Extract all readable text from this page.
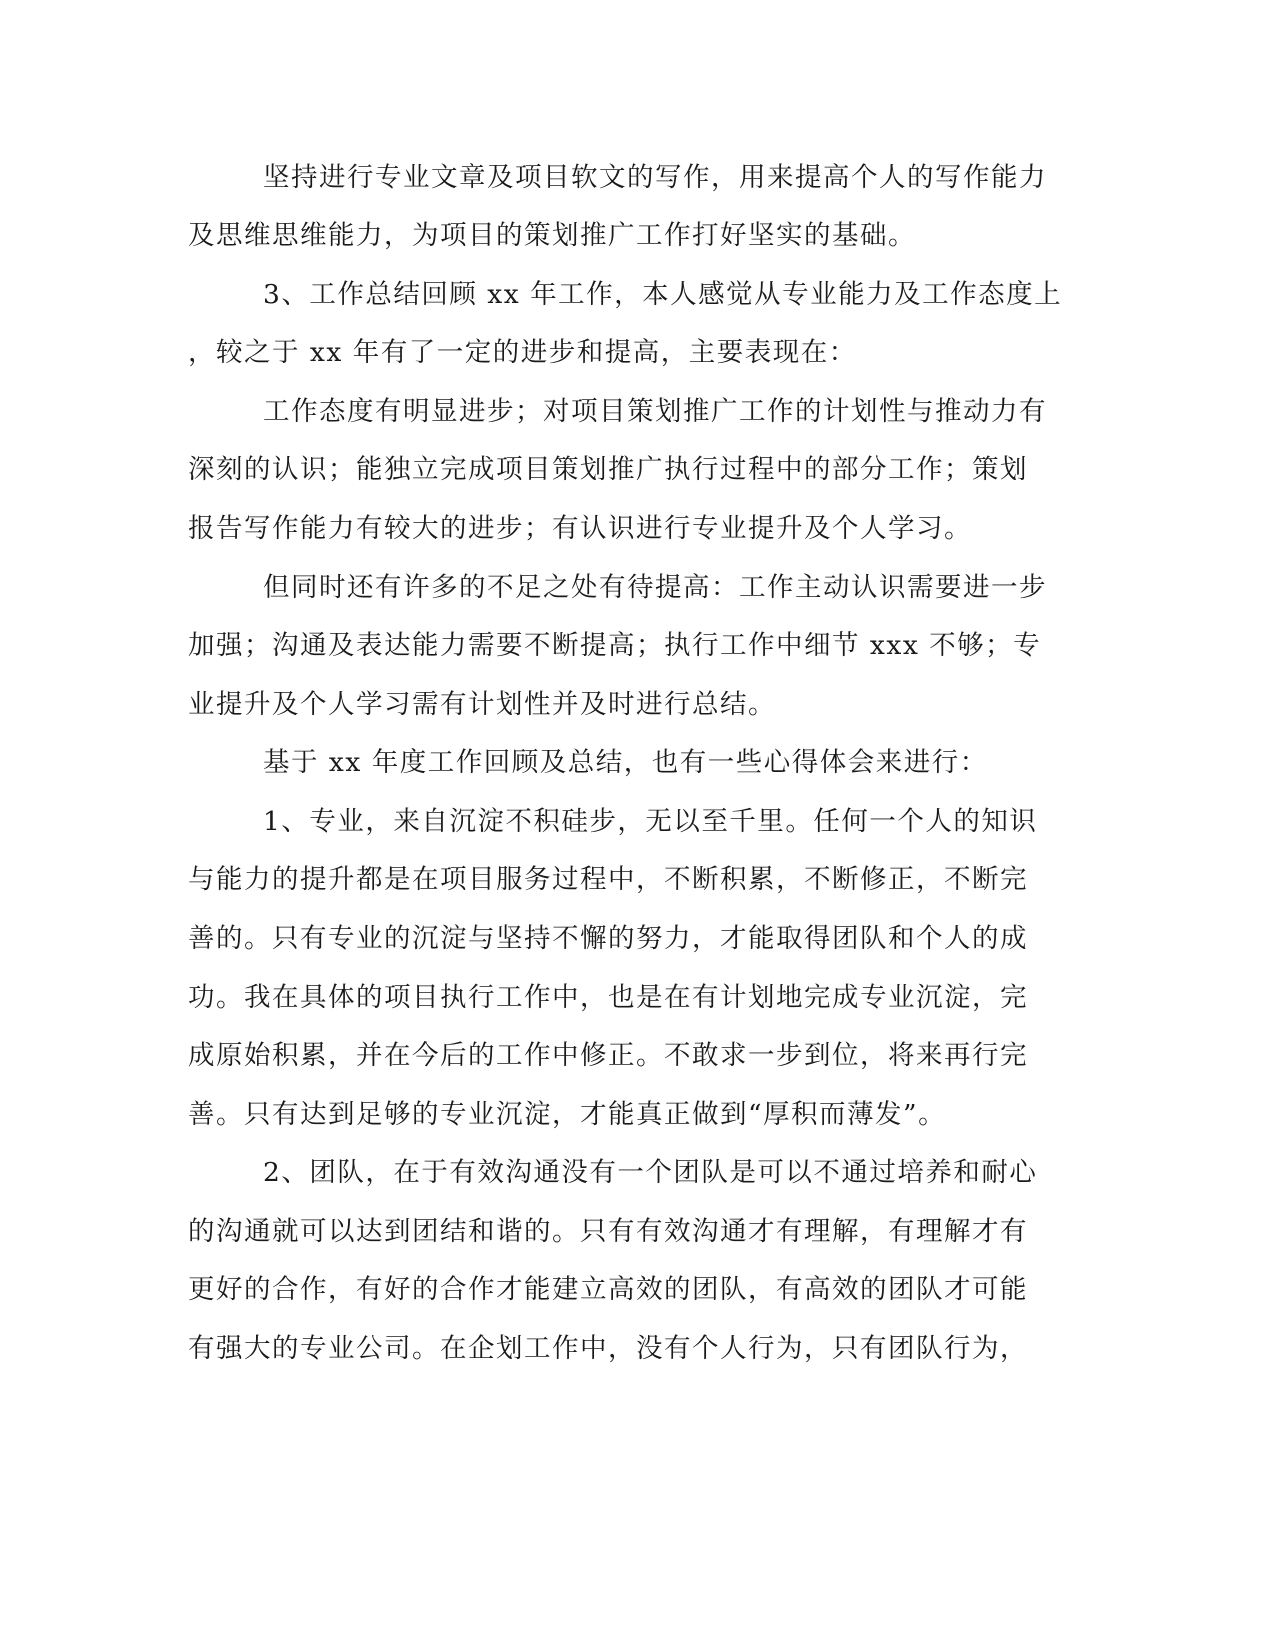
坚持进行专业文章及项目软文的写作，用来提高个人的写作能力
及思维思维能力，为项目的策划推广工作打好坚实的基础。
3、工作总结回顾 xx 年工作，本人感觉从专业能力及工作态度上
，较之于 xx 年有了一定的进步和提高，主要表现在：
工作态度有明显进步；对项目策划推广工作的计划性与推动力有
深刻的认识；能独立完成项目策划推广执行过程中的部分工作；策划
报告写作能力有较大的进步；有认识进行专业提升及个人学习。
但同时还有许多的不足之处有待提高：工作主动认识需要进一步
加强；沟通及表达能力需要不断提高；执行工作中细节 xxx 不够；专
业提升及个人学习需有计划性并及时进行总结。
基于 xx 年度工作回顾及总结，也有一些心得体会来进行：
1、专业，来自沉淀不积硅步，无以至千里。任何一个人的知识
与能力的提升都是在项目服务过程中，不断积累，不断修正，不断完
善的。只有专业的沉淀与坚持不懈的努力，才能取得团队和个人的成
功。我在具体的项目执行工作中，也是在有计划地完成专业沉淀，完
成原始积累，并在今后的工作中修正。不敢求一步到位，将来再行完
善。只有达到足够的专业沉淀，才能真正做到“厚积而薄发”。
2、团队，在于有效沟通没有一个团队是可以不通过培养和耐心
的沟通就可以达到团结和谐的。只有有效沟通才有理解，有理解才有
更好的合作，有好的合作才能建立高效的团队，有高效的团队才可能
有强大的专业公司。在企划工作中，没有个人行为，只有团队行为，
